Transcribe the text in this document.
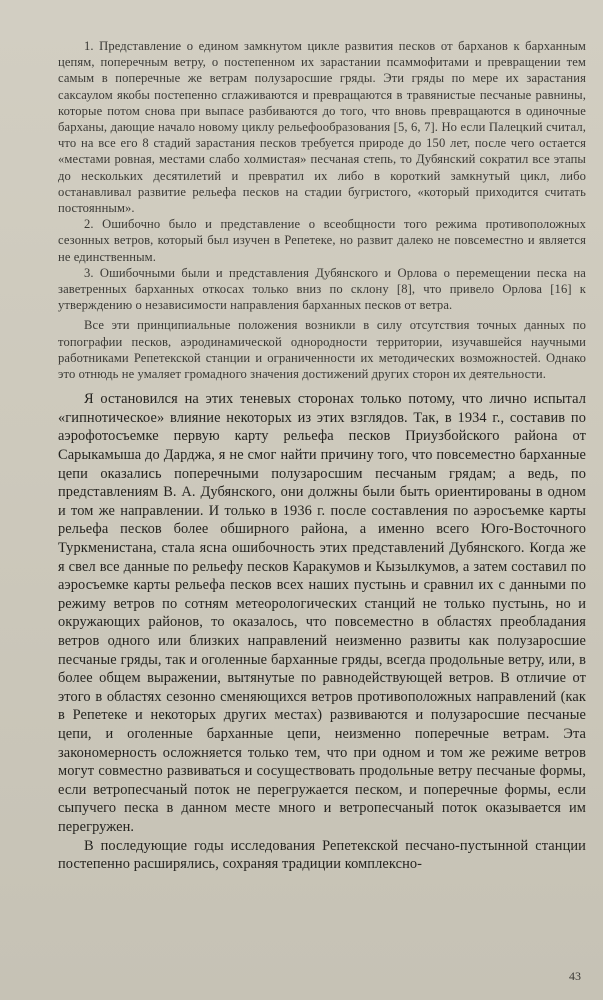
1. Представление о едином замкнутом цикле развития песков от барханов к барханным цепям, поперечным ветру, о постепенном их зарастании псаммофитами и превращении тем самым в поперечные же ветрам полузаросшие гряды. Эти гряды по мере их зарастания саксаулом якобы постепенно сглаживаются и превращаются в травянистые песчаные равнины, которые потом снова при выпасе разбиваются до того, что вновь превращаются в одиночные барханы, дающие начало новому циклу рельефообразования [5, 6, 7]. Но если Палецкий считал, что на все его 8 стадий зарастания песков требуется природе до 150 лет, после чего остается «местами ровная, местами слабо холмистая» песчаная степь, то Дубянский сократил все этапы до нескольких десятилетий и превратил их либо в короткий замкнутый цикл, либо останавливал развитие рельефа песков на стадии бугристого, «который приходится считать постоянным».

2. Ошибочно было и представление о всеобщности того режима противоположных сезонных ветров, который был изучен в Репетеке, но развит далеко не повсеместно и является не единственным.

3. Ошибочными были и представления Дубянского и Орлова о перемещении песка на заветренных барханных откосах только вниз по склону [8], что привело Орлова [16] к утверждению о независимости направления барханных песков от ветра.

Все эти принципиальные положения возникли в силу отсутствия точных данных по топографии песков, аэродинамической однородности территории, изучавшейся научными работниками Репетекской станции и ограниченности их методических возможностей. Однако это отнюдь не умаляет громадного значения достижений других сторон их деятельности.

Я остановился на этих теневых сторонах только потому, что лично испытал «гипнотическое» влияние некоторых из этих взглядов. Так, в 1934 г., составив по аэрофотосъемке первую карту рельефа песков Приузбойского района от Сарыкамыша до Дарджа, я не смог найти причину того, что повсеместно барханные цепи оказались поперечными полузаросшим песчаным грядам; а ведь, по представлениям В. А. Дубянского, они должны были быть ориентированы в одном и том же направлении. И только в 1936 г. после составления по аэросъемке карты рельефа песков более обширного района, а именно всего Юго-Восточного Туркменистана, стала ясна ошибочность этих представлений Дубянского. Когда же я свел все данные по рельефу песков Каракумов и Кызылкумов, а затем составил по аэросъемке карты рельефа песков всех наших пустынь и сравнил их с данными по режиму ветров по сотням метеорологических станций не только пустынь, но и окружающих районов, то оказалось, что повсеместно в областях преобладания ветров одного или близких направлений неизменно развиты как полузаросшие песчаные гряды, так и оголенные барханные гряды, всегда продольные ветру, или, в более общем выражении, вытянутые по равнодействующей ветров. В отличие от этого в областях сезонно сменяющихся ветров противоположных направлений (как в Репетеке и некоторых других местах) развиваются и полузаросшие песчаные цепи, и оголенные барханные цепи, неизменно поперечные ветрам. Эта закономерность осложняется только тем, что при одном и том же режиме ветров могут совместно развиваться и сосуществовать продольные ветру песчаные формы, если ветропесчаный поток не перегружается песком, и поперечные формы, если сыпучего песка в данном месте много и ветропесчаный поток оказывается им перегружен.

В последующие годы исследования Репетекской песчано-пустынной станции постепенно расширялись, сохраняя традиции комплексно-

43
